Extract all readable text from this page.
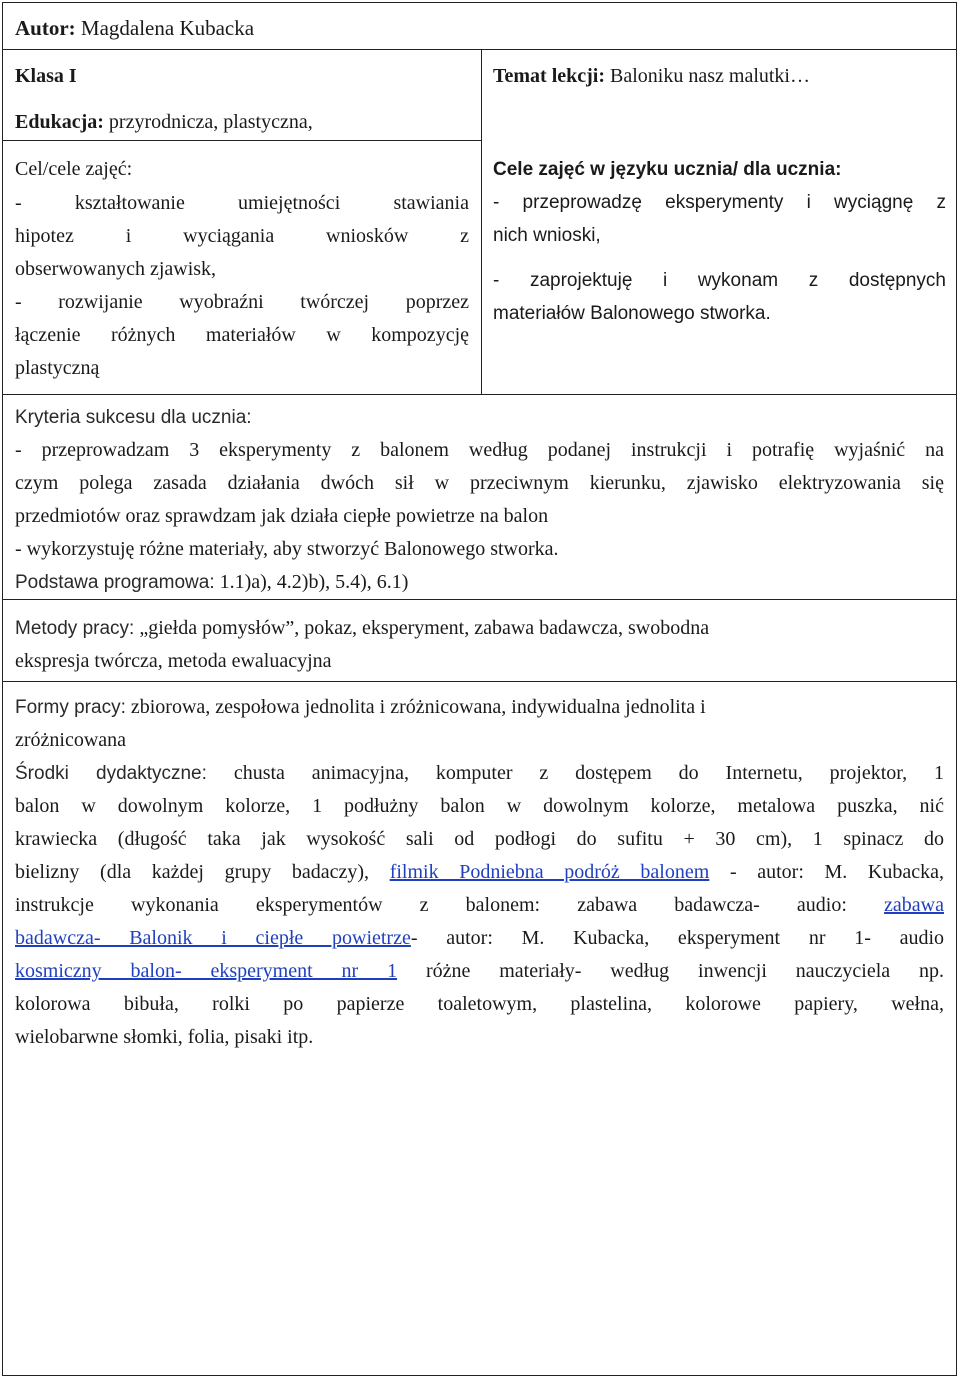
Autor: Magdalena Kubacka
Klasa I
Edukacja: przyrodnicza, plastyczna,
Cel/cele zajęć:
- kształtowanie umiejętności stawiania
hipotez i wyciągania wniosków z
obserwowanych zjawisk,
- rozwijanie wyobraźni twórczej poprzez
łączenie różnych materiałów w kompozycję
plastyczną
Temat lekcji: Baloniku nasz malutki…
Cele zajęć w języku ucznia/ dla ucznia:
- przeprowadzę eksperymenty i wyciągnę z
nich wnioski,
- zaprojektuję i wykonam z dostępnych
materiałów Balonowego stworka.
Kryteria sukcesu dla ucznia:
- przeprowadzam 3 eksperymenty z balonem według podanej instrukcji i potrafię wyjaśnić na
czym polega zasada działania dwóch sił w przeciwnym kierunku, zjawisko elektryzowania się
przedmiotów oraz sprawdzam jak działa ciepłe powietrze na balon
- wykorzystuję różne materiały, aby stworzyć Balonowego stworka.
Podstawa programowa: 1.1)a), 4.2)b), 5.4), 6.1)
Metody pracy: „giełda pomysłów”, pokaz, eksperyment, zabawa badawcza, swobodna
ekspresja twórcza, metoda ewaluacyjna
Formy pracy: zbiorowa, zespołowa jednolita i zróżnicowana, indywidualna jednolita i
zróżnicowana
Środki dydaktyczne: chusta animacyjna, komputer z dostępem do Internetu, projektor, 1
balon w dowolnym kolorze, 1 podłużny balon w dowolnym kolorze, metalowa puszka, nić
krawiecka (długość taka jak wysokość sali od podłogi do sufitu + 30 cm), 1 spinacz do
bielizny (dla każdej grupy badaczy), filmik Podniebna podróż balonem - autor: M. Kubacka,
instrukcje wykonania eksperymentów z balonem: zabawa badawcza- audio: zabawa
badawcza- Balonik i ciepłe powietrze- autor: M. Kubacka, eksperyment nr 1- audio
kosmiczny balon- eksperyment nr 1 różne materiały- według inwencji nauczyciela np.
kolorowa bibuła, rolki po papierze toaletowym, plastelina, kolorowe papiery, wełna,
wielobarwne słomki, folia, pisaki itp.
